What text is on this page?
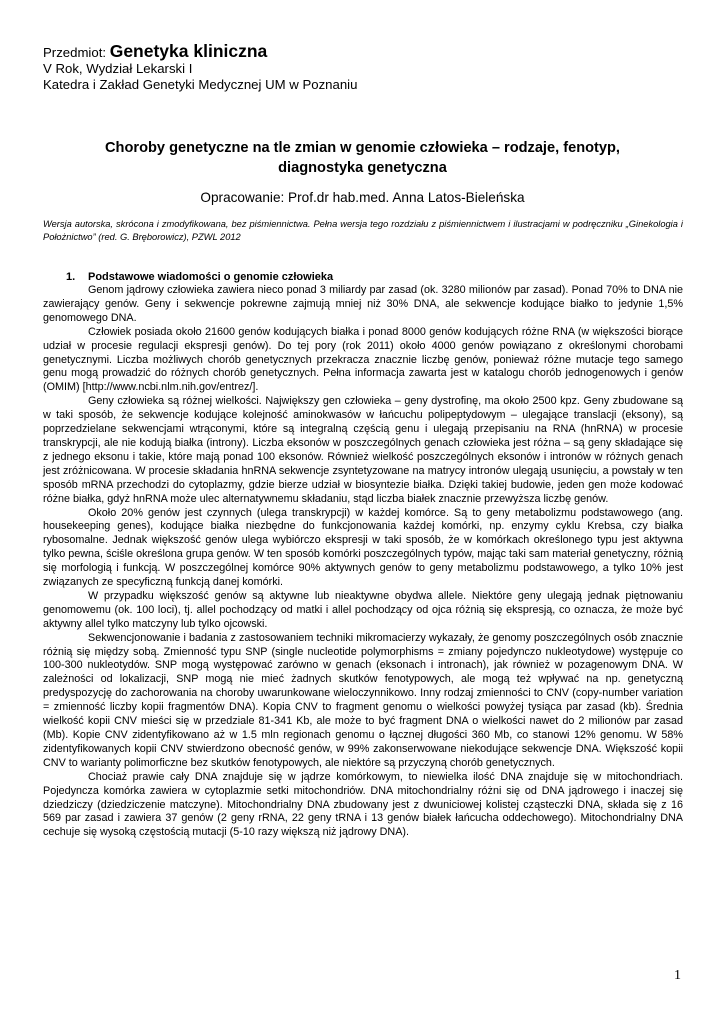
Przedmiot: Genetyka kliniczna
V Rok, Wydział Lekarski I
Katedra i Zakład Genetyki Medycznej UM w Poznaniu
Choroby genetyczne na tle zmian w genomie człowieka – rodzaje, fenotyp,
diagnostyka genetyczna
Opracowanie: Prof.dr hab.med. Anna Latos-Bieleńska
Wersja autorska, skrócona i zmodyfikowana, bez piśmiennictwa. Pełna wersja tego rozdziału z piśmiennictwem i ilustracjami w podręczniku „Ginekologia i Położnictwo” (red. G. Bręborowicz), PZWL 2012
1. Podstawowe wiadomości o genomie człowieka

Genom jądrowy człowieka zawiera nieco ponad 3 miliardy par zasad (ok. 3280 milionów par zasad). Ponad 70% to DNA nie zawierający genów. Geny i sekwencje pokrewne zajmują mniej niż 30% DNA, ale sekwencje kodujące białko to jedynie 1,5% genomowego DNA.

Człowiek posiada około 21600 genów kodujących białka i ponad 8000 genów kodujących różne RNA (w większości biorące udział w procesie regulacji ekspresji genów). Do tej pory (rok 2011) około 4000 genów powiązano z określonymi chorobami genetycznymi. Liczba możliwych chorób genetycznych przekracza znacznie liczbę genów, ponieważ różne mutacje tego samego genu mogą prowadzić do różnych chorób genetycznych. Pełna informacja zawarta jest w katalogu chorób jednogenowych i genów (OMIM) [http://www.ncbi.nlm.nih.gov/entrez/].

Geny człowieka są różnej wielkości. Największy gen człowieka – geny dystrofinę, ma około 2500 kpz. Geny zbudowane są w taki sposób, że sekwencje kodujące kolejność aminokwasów w łańcuchu polipeptydowym – ulegające translacji (eksony), są poprzedzielane sekwencjami wtrąconymi, które są integralną częścią genu i ulegają przepisaniu na RNA (hnRNA) w procesie transkrypcji, ale nie kodują białka (introny). Liczba eksonów w poszczególnych genach człowieka jest różna – są geny składające się z jednego eksonu i takie, które mają ponad 100 eksonów. Również wielkość poszczególnych eksonów i intronów w różnych genach jest zróżnicowana. W procesie składania hnRNA sekwencje zsyntetyzowane na matrycy intronów ulegają usunięciu, a powstały w ten sposób mRNA przechodzi do cytoplazmy, gdzie bierze udział w biosyntezie białka. Dzięki takiej budowie, jeden gen może kodować różne białka, gdyż hnRNA może ulec alternatywnemu składaniu, stąd liczba białek znacznie przewyższa liczbę genów.

Około 20% genów jest czynnych (ulega transkrypcji) w każdej komórce. Są to geny metabolizmu podstawowego (ang. housekeeping genes), kodujące białka niezbędne do funkcjonowania każdej komórki, np. enzymy cyklu Krebsa, czy białka rybosomalne. Jednak większość genów ulega wybiórczo ekspresji w taki sposób, że w komórkach określonego typu jest aktywna tylko pewna, ściśle określona grupa genów. W ten sposób komórki poszczególnych typów, mając taki sam materiał genetyczny, różnią się morfologią i funkcją. W poszczególnej komórce 90% aktywnych genów to geny metabolizmu podstawowego, a tylko 10% jest związanych ze specyficzną funkcją danej komórki.

W przypadku większość genów są aktywne lub nieaktywne obydwa allele. Niektóre geny ulegają jednak piętnowaniu genomowemu (ok. 100 loci), tj. allel pochodzący od matki i allel pochodzący od ojca różnią się ekspresją, co oznacza, że może być aktywny allel tylko matczyny lub tylko ojcowski.

Sekwencjonowanie i badania z zastosowaniem techniki mikromacierzy wykazały, że genomy poszczególnych osób znacznie różnią się między sobą. Zmienność typu SNP (single nucleotide polymorphisms = zmiany pojedynczo nukleotydowe) występuje co 100-300 nukleotydów. SNP mogą występować zarówno w genach (eksonach i intronach), jak również w pozagenowym DNA. W zależności od lokalizacji, SNP mogą nie mieć żadnych skutków fenotypowych, ale mogą też wpływać na np. genetyczną predyspozycję do zachorowania na choroby uwarunkowane wieloczynnikowo. Inny rodzaj zmienności to CNV (copy-number variation = zmienność liczby kopii fragmentów DNA). Kopia CNV to fragment genomu o wielkości powyżej tysiąca par zasad (kb). Średnia wielkość kopii CNV mieści się w przedziale 81-341 Kb, ale może to być fragment DNA o wielkości nawet do 2 milionów par zasad (Mb). Kopie CNV zidentyfikowano aż w 1.5 mln regionach genomu o łącznej długości 360 Mb, co stanowi 12% genomu. W 58% zidentyfikowanych kopii CNV stwierdzono obecność genów, w 99% zakonserwowane niekodujące sekwencje DNA. Większość kopii CNV to warianty polimorficzne bez skutków fenotypowych, ale niektóre są przyczyną chorób genetycznych.

Chociaż prawie cały DNA znajduje się w jądrze komórkowym, to niewielka ilość DNA znajduje się w mitochondriach. Pojedyncza komórka zawiera w cytoplazmie setki mitochondriów. DNA mitochondrialny różni się od DNA jądrowego i inaczej się dziedziczy (dziedziczenie matczyne). Mitochondrialny DNA zbudowany jest z dwuniciowej kolistej cząsteczki DNA, składa się z 16 569 par zasad i zawiera 37 genów (2 geny rRNA, 22 geny tRNA i 13 genów białek łańcucha oddechowego). Mitochondrialny DNA cechuje się wysoką częstością mutacji (5-10 razy większą niż jądrowy DNA).

1
